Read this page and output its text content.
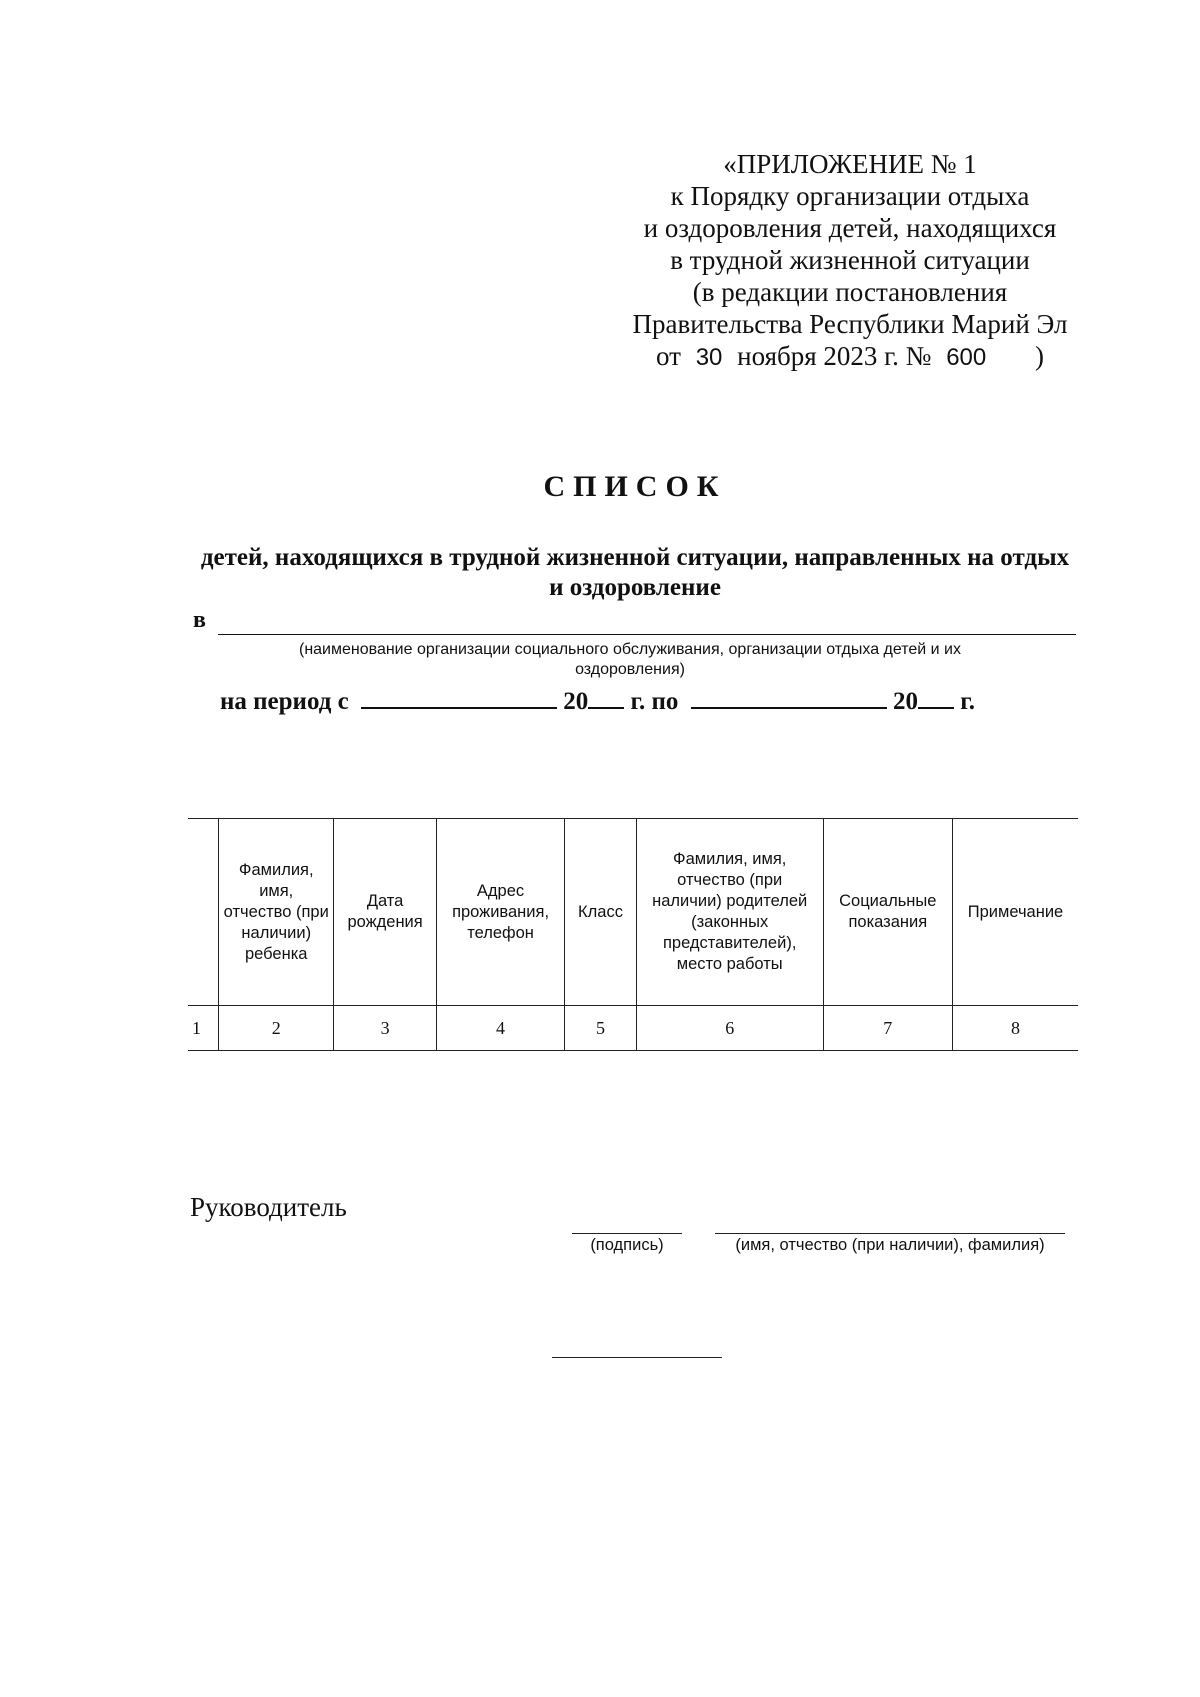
«ПРИЛОЖЕНИЕ № 1
к Порядку организации отдыха
и оздоровления детей, находящихся
в трудной жизненной ситуации
(в редакции постановления
Правительства Республики Марий Эл
от 30 ноября 2023 г. № 600 )
СПИСОК
детей, находящихся в трудной жизненной ситуации, направленных на отдых и оздоровление
в
(наименование организации социального обслуживания, организации отдыха детей и их оздоровления)
на период с	20 г. по	20 г.
	Фамилия, имя, отчество (при наличии) ребенка	Дата рождения	Адрес проживания, телефон	Класс	Фамилия, имя, отчество (при наличии) родителей (законных представителей), место работы	Социальные показания	Примечание
1	2	3	4	5	6	7	8
Руководитель
(подпись)	(имя, отчество (при наличии), фамилия)
